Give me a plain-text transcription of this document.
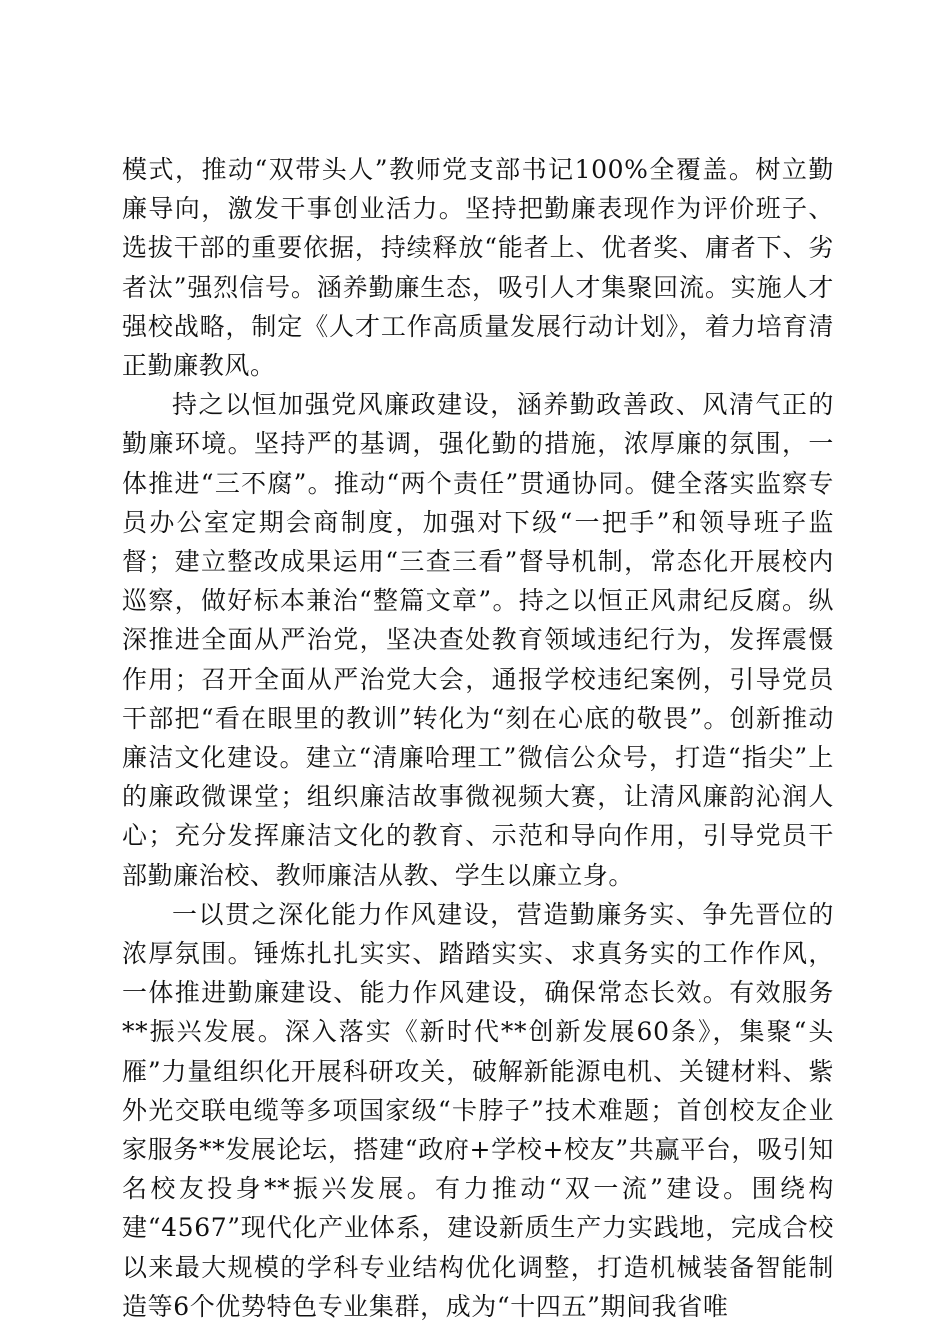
模式，推动“双带头人”教师党支部书记100%全覆盖。树立勤廉导向，激发干事创业活力。坚持把勤廉表现作为评价班子、选拔干部的重要依据，持续释放“能者上、优者奖、庸者下、劣者汰”强烈信号。涵养勤廉生态，吸引人才集聚回流。实施人才强校战略，制定《人才工作高质量发展行动计划》，着力培育清正勤廉教风。

持之以恒加强党风廉政建设，涵养勤政善政、风清气正的勤廉环境。坚持严的基调，强化勤的措施，浓厚廉的氛围，一体推进“三不腐”。推动“两个责任”贯通协同。健全落实监察专员办公室定期会商制度，加强对下级“一把手”和领导班子监督；建立整改成果运用“三查三看”督导机制，常态化开展校内巡察，做好标本兼治“整篇文章”。持之以恒正风肃纪反腐。纵深推进全面从严治党，坚决查处教育领域违纪行为，发挥震慑作用；召开全面从严治党大会，通报学校违纪案例，引导党员干部把“看在眼里的教训”转化为“刻在心底的敬畏”。创新推动廉洁文化建设。建立“清廉哈理工”微信公众号，打造“指尖”上的廉政微课堂；组织廉洁故事微视频大赛，让清风廉韵沁润人心；充分发挥廉洁文化的教育、示范和导向作用，引导党员干部勤廉治校、教师廉洁从教、学生以廉立身。

一以贯之深化能力作风建设，营造勤廉务实、争先晋位的浓厚氛围。锤炼扎扎实实、踏踏实实、求真务实的工作作风，一体推进勤廉建设、能力作风建设，确保常态长效。有效服务**振兴发展。深入落实《新时代**创新发展60条》，集聚“头雁”力量组织化开展科研攻关，破解新能源电机、关键材料、紫外光交联电缆等多项国家级“卡脖子”技术难题；首创校友企业家服务**发展论坛，搭建“政府+学校+校友”共赢平台，吸引知名校友投身**振兴发展。有力推动“双一流”建设。围绕构建“4567”现代化产业体系，建设新质生产力实践地，完成合校以来最大规模的学科专业结构优化调整，打造机械装备智能制造等6个优势特色专业集群，成为“十四五”期间我省唯
